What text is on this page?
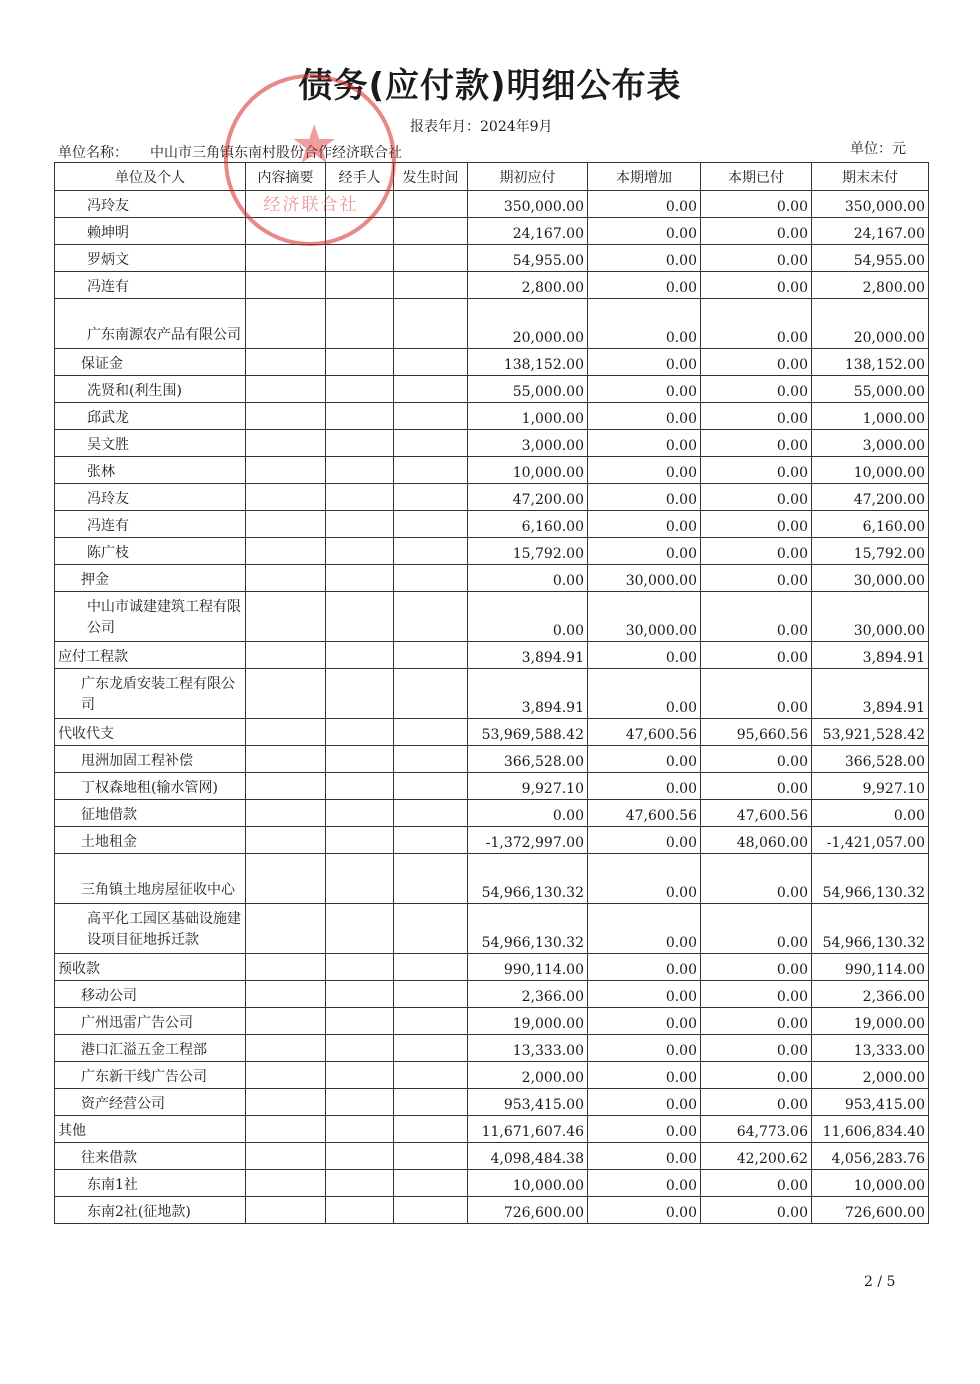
债务(应付款)明细公布表
报表年月：2024年9月
单位名称： 中山市三角镇东南村股份合作经济联合社	单位：元
单位及个人	内容摘要	经手人	发生时间	期初应付	本期增加	本期已付	期末未付
冯玲友				350,000.00	0.00	0.00	350,000.00
赖坤明				24,167.00	0.00	0.00	24,167.00
罗炳文				54,955.00	0.00	0.00	54,955.00
冯连有				2,800.00	0.00	0.00	2,800.00
广东南源农产品有限公司				20,000.00	0.00	0.00	20,000.00
保证金				138,152.00	0.00	0.00	138,152.00
冼贤和(利生围)				55,000.00	0.00	0.00	55,000.00
邱武龙				1,000.00	0.00	0.00	1,000.00
吴文胜				3,000.00	0.00	0.00	3,000.00
张林				10,000.00	0.00	0.00	10,000.00
冯玲友				47,200.00	0.00	0.00	47,200.00
冯连有				6,160.00	0.00	0.00	6,160.00
陈广枝				15,792.00	0.00	0.00	15,792.00
押金				0.00	30,000.00	0.00	30,000.00
中山市诚建建筑工程有限公司				0.00	30,000.00	0.00	30,000.00
应付工程款				3,894.91	0.00	0.00	3,894.91
广东龙盾安装工程有限公司				3,894.91	0.00	0.00	3,894.91
代收代支				53,969,588.42	47,600.56	95,660.56	53,921,528.42
甩洲加固工程补偿				366,528.00	0.00	0.00	366,528.00
丁权森地租(输水管网)				9,927.10	0.00	0.00	9,927.10
征地借款				0.00	47,600.56	47,600.56	0.00
土地租金				-1,372,997.00	0.00	48,060.00	-1,421,057.00
三角镇土地房屋征收中心				54,966,130.32	0.00	0.00	54,966,130.32
高平化工园区基础设施建设项目征地拆迁款				54,966,130.32	0.00	0.00	54,966,130.32
预收款				990,114.00	0.00	0.00	990,114.00
移动公司				2,366.00	0.00	0.00	2,366.00
广州迅雷广告公司				19,000.00	0.00	0.00	19,000.00
港口汇溢五金工程部				13,333.00	0.00	0.00	13,333.00
广东新干线广告公司				2,000.00	0.00	0.00	2,000.00
资产经营公司				953,415.00	0.00	0.00	953,415.00
其他				11,671,607.46	0.00	64,773.06	11,606,834.40
往来借款				4,098,484.38	0.00	42,200.62	4,056,283.76
东南1社				10,000.00	0.00	0.00	10,000.00
东南2社(征地款)				726,600.00	0.00	0.00	726,600.00
★
经济联合社
2 / 5
